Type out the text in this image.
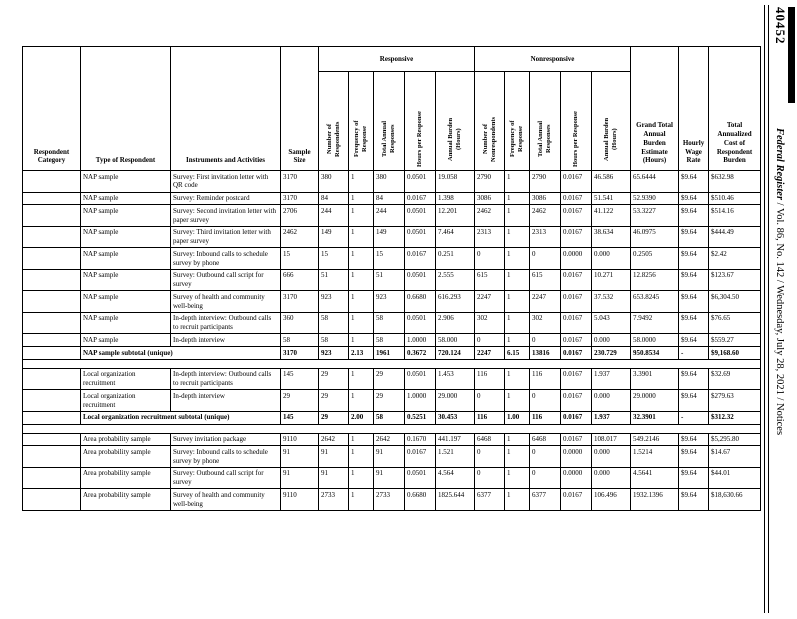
Respondent Category	Type of Respondent	Instruments and Activities	Sample Size	Responsive					Nonresponsive					Grand Total Annual Burden Estimate (Hours)	Hourly Wage Rate	Total Annualized Cost of Respondent Burden

				Number of Respondents	Frequency of Response	Total Annual Responses	Hours per Response	Annual Burden (Hours)	Number of Nonrespondents	Frequency of Response	Total Annual Responses	Hours per Response	Annual Burden (Hours)			

	NAP sample	Survey: First invitation letter with QR code	3170	380	1	380	0.0501	19.058	2790	1	2790	0.0167	46.586	65.6444	$9.64	$632.98
	NAP sample	Survey: Reminder postcard	3170	84	1	84	0.0167	1.398	3086	1	3086	0.0167	51.541	52.9390	$9.64	$510.46
	NAP sample	Survey: Second invitation letter with paper survey	2706	244	1	244	0.0501	12.201	2462	1	2462	0.0167	41.122	53.3227	$9.64	$514.16
	NAP sample	Survey: Third invitation letter with paper survey	2462	149	1	149	0.0501	7.464	2313	1	2313	0.0167	38.634	46.0975	$9.64	$444.49
	NAP sample	Survey: Inbound calls to schedule survey by phone	15	15	1	15	0.0167	0.251	0	1	0	0.0000	0.000	0.2505	$9.64	$2.42
	NAP sample	Survey: Outbound call script for survey	666	51	1	51	0.0501	2.555	615	1	615	0.0167	10.271	12.8256	$9.64	$123.67
	NAP sample	Survey of health and community well-being	3170	923	1	923	0.6680	616.293	2247	1	2247	0.0167	37.532	653.8245	$9.64	$6,304.50
	NAP sample	In-depth interview: Outbound calls to recruit participants	360	58	1	58	0.0501	2.906	302	1	302	0.0167	5.043	7.9492	$9.64	$76.65
	NAP sample	In-depth interview	58	58	1	58	1.0000	58.000	0	1	0	0.0167	0.000	58.0000	$9.64	$559.27
	NAP sample subtotal (unique)		3170	923	2.13	1961	0.3672	720.124	2247	6.15	13816	0.0167	230.729	950.8534	-	$9,168.60

	Local organization recruitment	In-depth interview: Outbound calls to recruit participants	145	29	1	29	0.0501	1.453	116	1	116	0.0167	1.937	3.3901	$9.64	$32.69
	Local organization recruitment	In-depth interview	29	29	1	29	1.0000	29.000	0	1	0	0.0167	0.000	29.0000	$9.64	$279.63
	Local organization recruitment subtotal (unique)		145	29	2.00	58	0.5251	30.453	116	1.00	116	0.0167	1.937	32.3901	-	$312.32

	Area probability sample	Survey invitation package	9110	2642	1	2642	0.1670	441.197	6468	1	6468	0.0167	108.017	549.2146	$9.64	$5,295.80
	Area probability sample	Survey: Inbound calls to schedule survey by phone	91	91	1	91	0.0167	1.521	0	1	0	0.0000	0.000	1.5214	$9.64	$14.67
	Area probability sample	Survey: Outbound call script for survey	91	91	1	91	0.0501	4.564	0	1	0	0.0000	0.000	4.5641	$9.64	$44.01
	Area probability sample	Survey of health and community well-being	9110	2733	1	2733	0.6680	1825.644	6377	1	6377	0.0167	106.496	1932.1396	$9.64	$18,630.66
40452
Federal Register / Vol. 86, No. 142 / Wednesday, July 28, 2021 / Notices
